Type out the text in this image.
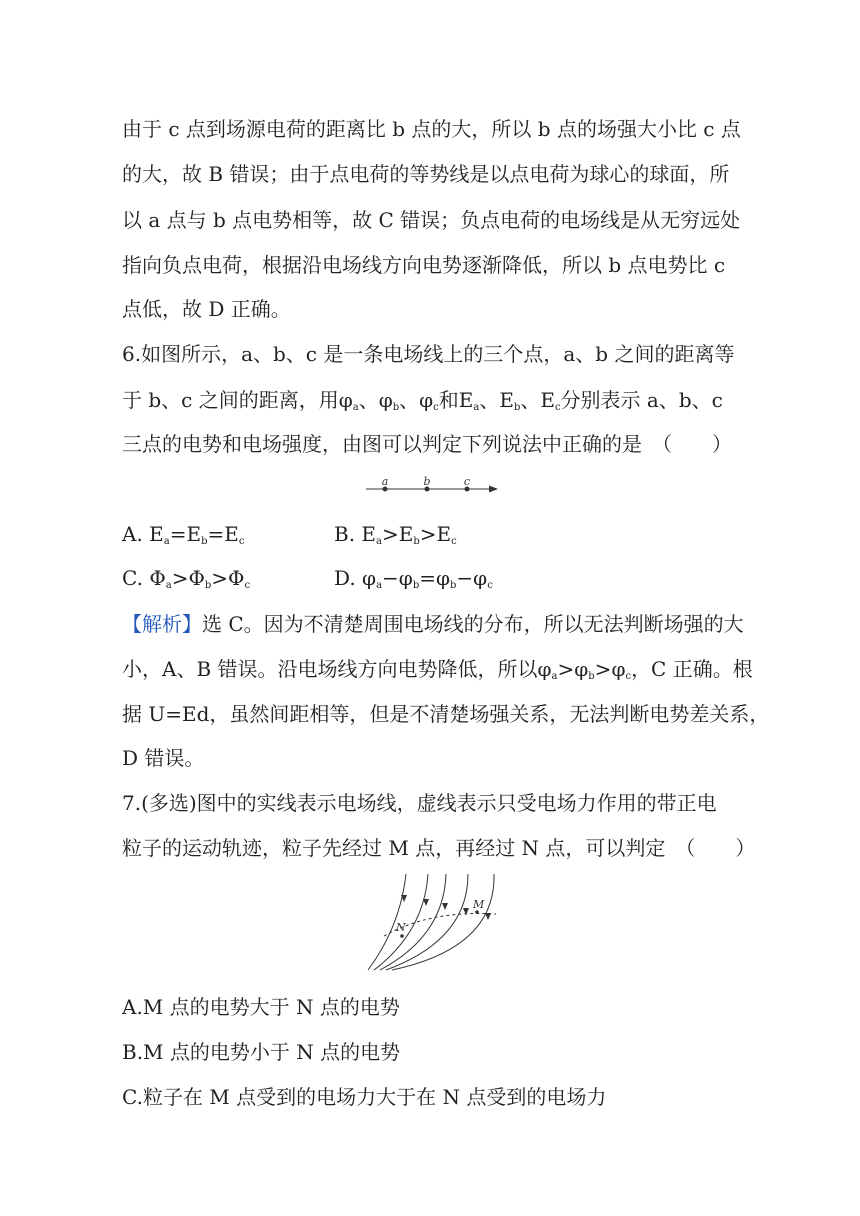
由于 c 点到场源电荷的距离比 b 点的大，所以 b 点的场强大小比 c 点
的大，故 B 错误；由于点电荷的等势线是以点电荷为球心的球面，所
以 a 点与 b 点电势相等，故 C 错误；负点电荷的电场线是从无穷远处
指向负点电荷，根据沿电场线方向电势逐渐降低，所以 b 点电势比 c
点低，故 D 正确。
6.如图所示，a、b、c 是一条电场线上的三个点，a、b 之间的距离等
于 b、c 之间的距离，用$\varphi_a$、$\varphi_b$、$\varphi_c$和$E_a$、$E_b$、$E_c$分别表示 a、b、c
三点的电势和电场强度，由图可以判定下列说法中正确的是　（　　）
a	b	c
A. $E_a=E_b=E_c$	B. $E_a>E_b>E_c$
C. $\Phi_a>\Phi_b>\Phi_c$	D. $\varphi_a-\varphi_b=\varphi_b-\varphi_c$
【解析】选 C。因为不清楚周围电场线的分布，所以无法判断场强的大
小，A、B 错误。沿电场线方向电势降低，所以$\varphi_a>\varphi_b>\varphi_c$，C 正确。根
据 U=Ed，虽然间距相等，但是不清楚场强关系，无法判断电势差关系，
D 错误。
7.(多选)图中的实线表示电场线，虚线表示只受电场力作用的带正电
粒子的运动轨迹，粒子先经过 M 点，再经过 N 点，可以判定　（　　）
N
M
A.M 点的电势大于 N 点的电势
B.M 点的电势小于 N 点的电势
C.粒子在 M 点受到的电场力大于在 N 点受到的电场力
